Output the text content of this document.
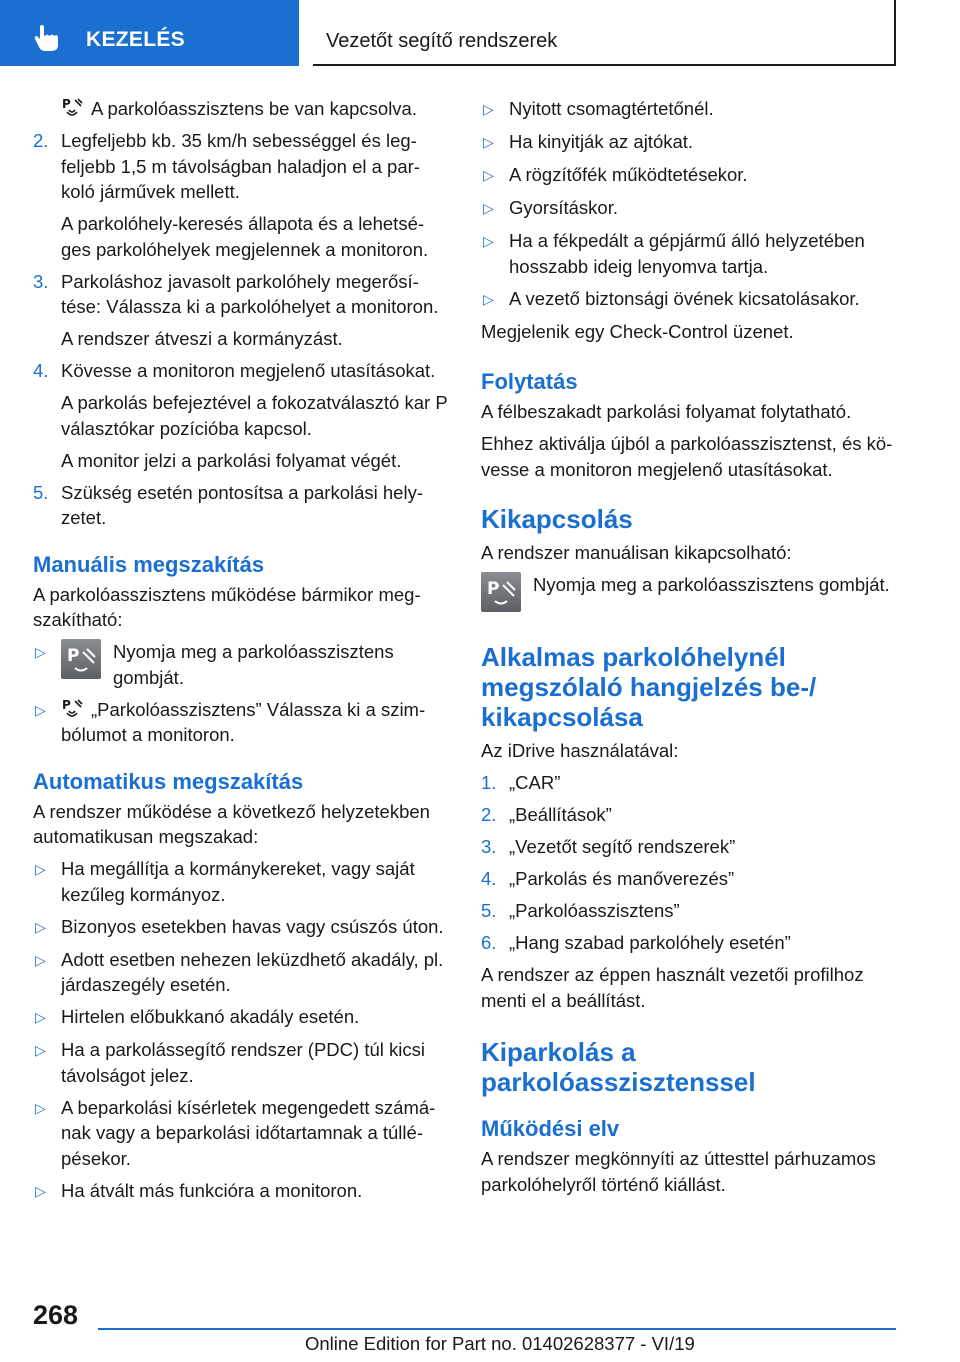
KEZELÉS	Vezetőt segítő rendszerek
P A parkolóasszisztens be van kapcsolva.
2. Legfeljebb kb. 35 km/h sebességgel és leg- feljebb 1,5 m távolságban haladjon el a par- koló járművek mellett.
A parkolóhely-keresés állapota és a lehetsé- ges parkolóhelyek megjelennek a monitoron.
3. Parkoláshoz javasolt parkolóhely megerősí- tése: Válassza ki a parkolóhelyet a monitoron.
A rendszer átveszi a kormányzást.
4. Kövesse a monitoron megjelenő utasításokat.
A parkolás befejeztével a fokozatválasztó kar P választókar pozícióba kapcsol.
A monitor jelzi a parkolási folyamat végét.
5. Szükség esetén pontosítsa a parkolási hely- zetet.
Manuális megszakítás
A parkolóasszisztens működése bármikor meg- szakítható:
▷	P Nyomja meg a parkolóasszisztens gombját.
▷	P „Parkolóasszisztens” Válassza ki a szim- bólumot a monitoron.
Automatikus megszakítás
A rendszer működése a következő helyzetekben automatikusan megszakad:
▷ Ha megállítja a kormánykereket, vagy saját kezűleg kormányoz.
▷ Bizonyos esetekben havas vagy csúszós úton.
▷ Adott esetben nehezen leküzdhető akadály, pl. járdaszegély esetén.
▷ Hirtelen előbukkanó akadály esetén.
▷ Ha a parkolássegítő rendszer (PDC) túl kicsi távolságot jelez.
▷ A beparkolási kísérletek megengedett számá- nak vagy a beparkolási időtartamnak a túllé- pésekor.
▷ Ha átvált más funkcióra a monitoron.
▷ Nyitott csomagtértetőnél.
▷ Ha kinyitják az ajtókat.
▷ A rögzítőfék működtetésekor.
▷ Gyorsításkor.
▷ Ha a fékpedált a gépjármű álló helyzetében hosszabb ideig lenyomva tartja.
▷ A vezető biztonsági övének kicsatolásakor.
Megjelenik egy Check-Control üzenet.
Folytatás
A félbeszakadt parkolási folyamat folytatható.
Ehhez aktiválja újból a parkolóasszisztenst, és kö- vesse a monitoron megjelenő utasításokat.
Kikapcsolás
A rendszer manuálisan kikapcsolható:
P Nyomja meg a parkolóasszisztens gombját.
Alkalmas parkolóhelynél megszólaló hangjelzés be-/ kikapcsolása
Az iDrive használatával:
1. „CAR”
2. „Beállítások”
3. „Vezetőt segítő rendszerek”
4. „Parkolás és manőverezés”
5. „Parkolóasszisztens”
6. „Hang szabad parkolóhely esetén”
A rendszer az éppen használt vezetői profilhoz menti el a beállítást.
Kiparkolás a parkolóasszisztenssel
Működési elv
A rendszer megkönnyíti az úttesttel párhuzamos parkolóhelyről történő kiállást.
268
Online Edition for Part no. 01402628377 - VI/19
